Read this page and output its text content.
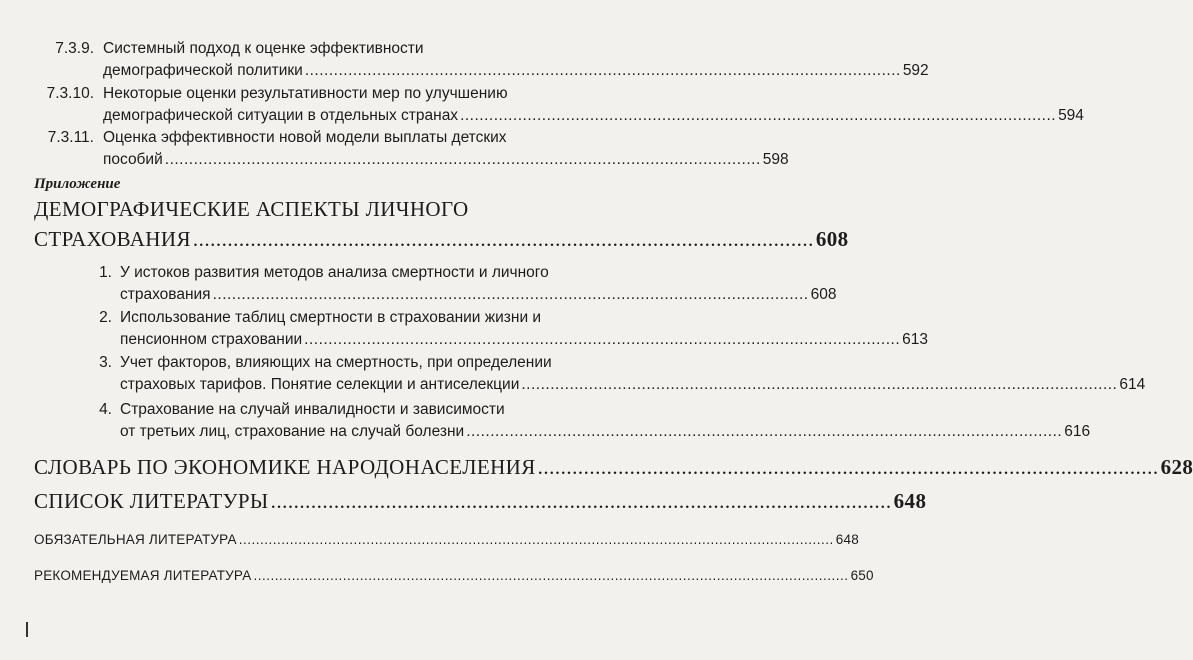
7.3.9. Системный подход к оценке эффективности
демографической политики ............................................................................................................................ 592
7.3.10. Некоторые оценки результативности мер по улучшению
демографической ситуации в отдельных странах ............................................................................................................................ 594
7.3.11. Оценка эффективности новой модели выплаты детских
пособий ............................................................................................................................ 598
Приложение
ДЕМОГРАФИЧЕСКИЕ АСПЕКТЫ ЛИЧНОГО
СТРАХОВАНИЯ ............................................................................................................ 608
1. У истоков развития методов анализа смертности и личного
страхования ............................................................................................................................ 608
2. Использование таблиц смертности в страховании жизни и
пенсионном страховании ............................................................................................................................ 613
3. Учет факторов, влияющих на смертность, при определении
страховых тарифов. Понятие селекции и антиселекции ............................................................................................................................ 614
4. Страхование на случай инвалидности и зависимости
от третьих лиц, страхование на случай болезни ............................................................................................................................ 616
СЛОВАРЬ ПО ЭКОНОМИКЕ НАРОДОНАСЕЛЕНИЯ ............................................................................................................ 628
СПИСОК ЛИТЕРАТУРЫ ............................................................................................................ 648
ОБЯЗАТЕЛЬНАЯ ЛИТЕРАТУРА ............................................................................................................................................ 648
РЕКОМЕНДУЕМАЯ ЛИТЕРАТУРА ............................................................................................................................................ 650
